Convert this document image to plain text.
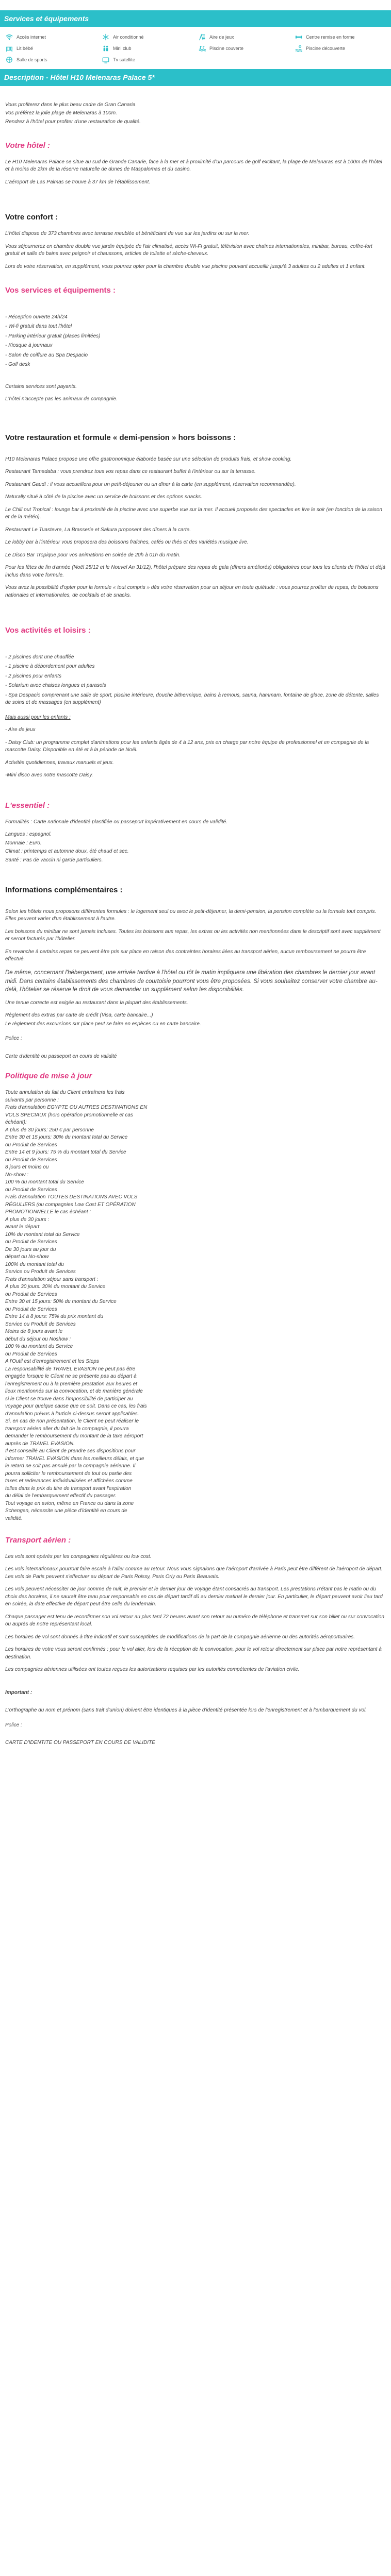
Services et équipements
Accès internet	Air conditionné	Aire de jeux	Centre remise en forme
Lit bébé	Mini club	Piscine couverte	Piscine découverte
Salle de sports	Tv satellite
Description - Hôtel H10 Melenaras Palace 5*

Vous profiterez dans le plus beau cadre de Gran Canaria

Vos préférez la jolie plage de Melenaras à 100m.

Rendrez à l'hôtel pour profiter d'une restauration de qualité.

Votre hôtel :

Le H10 Melenaras Palace se situe au sud de Grande Canarie, face à la mer et à proximité d'un parcours de golf excitant, la plage de Melenaras est à 100m de l'hôtel et à moins de 2km de la réserve naturelle de dunes de Maspalomas et du casino.

L'aéroport de Las Palmas se trouve à 37 km de l'établissement.

Votre confort :

L'hôtel dispose de 373 chambres avec terrasse meublée et bénéficiant de vue sur les jardins ou sur la mer.

Vous séjournerez en chambre double vue jardin équipée de l'air climatisé, accès Wi-Fi gratuit, télévision avec chaînes internationales, minibar, bureau, coffre-fort gratuit et salle de bains avec peignoir et chaussons, articles de toilette et sèche-cheveux.

Lors de votre réservation, en supplément, vous pourrez opter pour la chambre double vue piscine pouvant accueillir jusqu'à 3 adultes ou 2 adultes et 1 enfant.

Vos services et équipements :

- Réception ouverte 24h/24

- Wi-fi gratuit dans tout l'hôtel

- Parking intérieur gratuit (places limitées)

- Kiosque à journaux

- Salon de coiffure au Spa Despacio

- Golf desk

Certains services sont payants.

L'hôtel n'accepte pas les animaux de compagnie.

Votre restauration et formule « demi-pension » hors boissons :

H10 Melenaras Palace propose une offre gastronomique élaborée basée sur une sélection de produits frais, et show cooking.

Restaurant Tamadaba : vous prendrez tous vos repas dans ce restaurant buffet à l'intérieur ou sur la terrasse.

Restaurant Gaudí : il vous accueillera pour un petit-déjeuner ou un dîner à la carte (en supplément, réservation recommandée).

Naturally situé à côté de la piscine avec un service de boissons et des options snacks.

Le Chill out Tropical : lounge bar à proximité de la piscine avec une superbe vue sur la mer. Il accueil proposés des spectacles en live le soir (en fonction de la saison et de la météo).

Restaurant Le Tuastevre, La Brasserie et Sakura proposent des dîners à la carte.

Le lobby bar à l'intérieur vous proposera des boissons fraîches, cafés ou thés et des variétés musique live.

Le Disco Bar Tropique pour vos animations en soirée de 20h à 01h du matin.

Pour les fêtes de fin d'année (Noël 25/12 et le Nouvel An 31/12), l'hôtel prépare des repas de gala (dîners améliorés) obligatoires pour tous les clients de l'hôtel et déjà inclus dans votre formule.

Vous avez la possibilité d'opter pour la formule « tout compris » dès votre réservation pour un séjour en toute quiétude : vous pourrez profiter de repas, de boissons nationales et internationales, de cocktails et de snacks.

Vos activités et loisirs :

- 2 piscines dont une chauffée

- 1 piscine à débordement pour adultes

- 2 piscines pour enfants

- Solarium avec chaises longues et parasols

- Spa Despacio comprenant une salle de sport, piscine intérieure, douche bithermique, bains à remous, sauna, hammam, fontaine de glace, zone de détente, salles de soins et de massages (en supplément)

Mais aussi pour les enfants :

- Aire de jeux

- Daisy Club: un programme complet d'animations pour les enfants âgés de 4 à 12 ans, pris en charge par notre équipe de professionnel et en compagnie de la mascotte Daisy. Disponible en été et à la période de Noël.

Activités quotidiennes, travaux manuels et jeux.

-Mini disco avec notre mascotte Daisy.

L'essentiel :

Formalités : Carte nationale d'identité plastifiée ou passeport impérativement en cours de validité.

Langues : espagnol.

Monnaie : Euro.

Climat : printemps et automne doux, été chaud et sec.

Santé : Pas de vaccin ni garde particuliers.

Informations complémentaires :

Selon les hôtels nous proposons différentes formules : le logement seul ou avec le petit-déjeuner, la demi-pension, la pension complète ou la formule tout compris. Elles peuvent varier d'un établissement à l'autre.

Les boissons du minibar ne sont jamais incluses. Toutes les boissons aux repas, les extras ou les activités non mentionnées dans le descriptif sont avec supplément et seront facturés par l'hôtelier.

En revanche à certains repas ne peuvent être pris sur place en raison des contraintes horaires liées au transport aérien, aucun remboursement ne pourra être effectué.

De même, concernant l'hébergement, une arrivée tardive à l'hôtel ou tôt le matin impliquera une libération des chambres le dernier jour avant midi. Dans certains établissements des chambres de courtoisie pourront vous être proposées. Si vous souhaitez conserver votre chambre au-delà, l'hôtelier se réserve le droit de vous demander un supplément selon les disponibilités.

Une tenue correcte est exigée au restaurant dans la plupart des établissements.

Règlement des extras par carte de crédit (Visa, carte bancaire...)

Le règlement des excursions sur place peut se faire en espèces ou en carte bancaire.

Police :

Carte d'identité ou passeport en cours de validité

Politique de mise à jour

Toute annulation du fait du Client entraînera les frais

suivants par personne :

Frais d'annulation EGYPTE OU AUTRES DESTINATIONS EN

VOLS SPECIAUX (hors opération promotionnelle et cas

échéant):

A plus de 30 jours: 250 € par personne

Entre 30 et 15 jours: 30% du montant total du Service

ou Produit de Services

Entre 14 et 9 jours: 75 % du montant total du Service

ou Produit de Services

8 jours et moins ou

No-show :

100 % du montant total du Service

ou Produit de Services

Frais d'annulation TOUTES DESTINATIONS AVEC VOLS

RÉGULIERS (ou compagnies Low Cost ET OPÉRATION

PROMOTIONNELLE le cas échéant :

A plus de 30 jours :

avant le départ

10% du montant total du Service

ou Produit de Services

De 30 jours au jour du

départ ou No-show

100% du montant total du

Service ou Produit de Services

Frais d'annulation séjour sans transport :

A plus 30 jours: 30% du montant du Service

ou Produit de Services

Entre 30 et 15 jours: 50% du montant du Service

ou Produit de Services

Entre 14 à 8 jours: 75% du prix montant du

Service ou Produit de Services

Moins de 8 jours avant le

début du séjour ou Noshow :

100 % du montant du Service

ou Produit de Services

A l'Outil est d'enregistrement et les Steps

La responsabilité de TRAVEL EVASION ne peut pas être

engagée lorsque le Client ne se présente pas au départ à

l'enregistrement ou à la première prestation aux heures et

lieux mentionnés sur la convocation, et de manière générale

si le Client se trouve dans l'impossibilité de participer au

voyage pour quelque cause que ce soit. Dans ce cas, les frais

d'annulation prévus à l'article ci-dessus seront applicables.

Si, en cas de non présentation, le Client ne peut réaliser le

transport aérien aller du fait de la compagnie, il pourra

demander le remboursement du montant de la taxe aéroport

auprès de TRAVEL EVASION.

Il est conseillé au Client de prendre ses dispositions pour

informer TRAVEL EVASION dans les meilleurs délais, et que

le retard ne soit pas annulé par la compagnie aérienne. Il

pourra solliciter le remboursement de tout ou partie des

taxes et redevances individualisées et affichées comme

telles dans le prix du titre de transport avant l'expiration

du délai de l'embarquement effectif du passager.

Tout voyage en avion, même en France ou dans la zone

Schengen, nécessite une pièce d'identité en cours de

validité.

Transport aérien :

Les vols sont opérés par les compagnies régulières ou low cost.

Les vols internationaux pourront faire escale à l'aller comme au retour. Nous vous signalons que l'aéroport d'arrivée à Paris peut être différent de l'aéroport de départ. Les vols de Paris peuvent s'effectuer au départ de Paris Roissy, Paris Orly ou Paris Beauvais.

Les vols peuvent nécessiter de jour comme de nuit, le premier et le dernier jour de voyage étant consacrés au transport. Les prestations n'étant pas le matin ou du choix des horaires, il ne saurait être tenu pour responsable en cas de départ tardif dû au dernier matinal le dernier jour. En particulier, le départ peuvent avoir lieu tard en soirée, la date effective de départ peut être celle du lendemain.

Chaque passager est tenu de reconfirmer son vol retour au plus tard 72 heures avant son retour au numéro de téléphone et transmet sur son billet ou sur convocation ou auprès de notre représentant local.

Les horaires de vol sont donnés à titre indicatif et sont susceptibles de modifications de la part de la compagnie aérienne ou des autorités aéroportuaires.

Les horaires de votre vous seront confirmés : pour le vol aller, lors de la réception de la convocation, pour le vol retour directement sur place par notre représentant à destination.

Les compagnies aériennes utilisées ont toutes reçues les autorisations requises par les autorités compétentes de l'aviation civile.

Important :

L'orthographe du nom et prénom (sans trait d'union) doivent être identiques à la pièce d'identité présentée lors de l'enregistrement et à l'embarquement du vol.

Police :

CARTE D'IDENTITE OU PASSEPORT EN COURS DE VALIDITE
